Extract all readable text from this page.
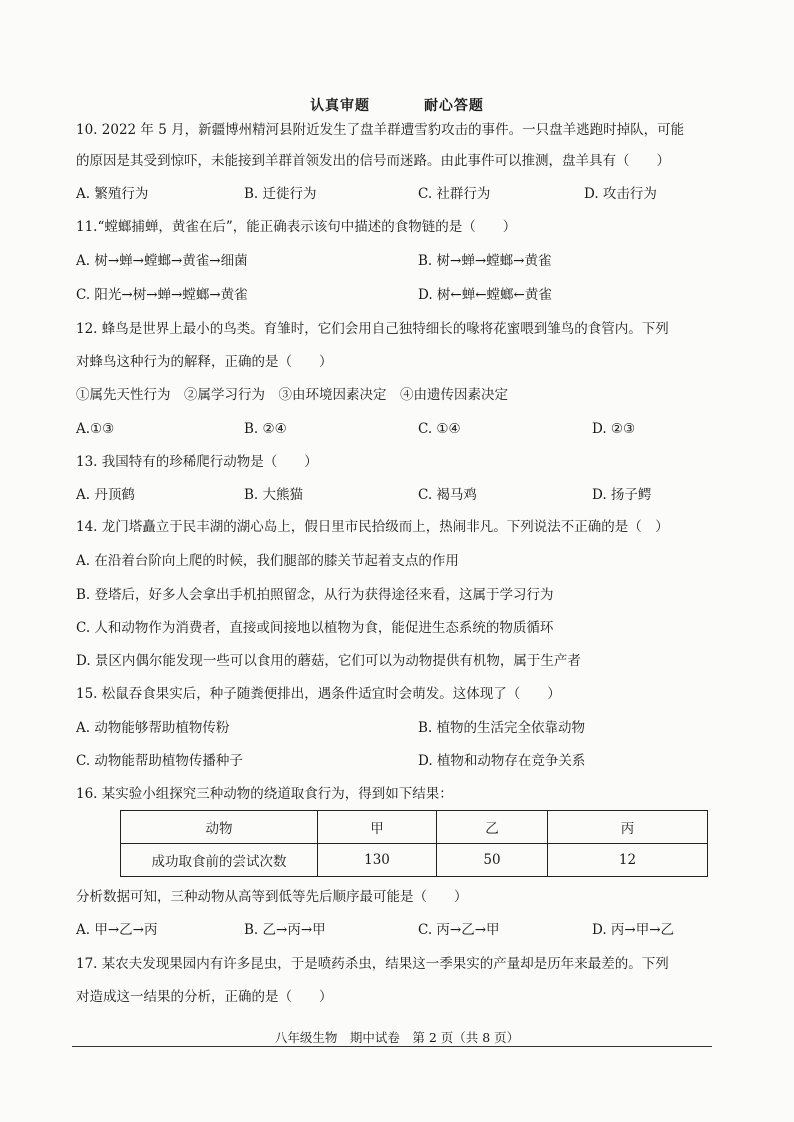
认真审题	耐心答题
10. 2022 年 5 月，新疆博州精河县附近发生了盘羊群遭雪豹攻击的事件。一只盘羊逃跑时掉队，可能
的原因是其受到惊吓，未能接到羊群首领发出的信号而迷路。由此事件可以推测，盘羊具有（　　）
A. 繁殖行为	B. 迁徙行为	C. 社群行为	D. 攻击行为
11.“螳螂捕蝉，黄雀在后”，能正确表示该句中描述的食物链的是（　　）
A. 树→蝉→螳螂→黄雀→细菌	B. 树→蝉→螳螂→黄雀
C. 阳光→树→蝉→螳螂→黄雀	D. 树←蝉←螳螂←黄雀
12. 蜂鸟是世界上最小的鸟类。育雏时，它们会用自己独特细长的喙将花蜜喂到雏鸟的食管内。下列
对蜂鸟这种行为的解释，正确的是（　　）
①属先天性行为　②属学习行为　③由环境因素决定　④由遗传因素决定
A.①③	B. ②④	C. ①④	D. ②③
13. 我国特有的珍稀爬行动物是（　　）
A. 丹顶鹤	B. 大熊猫	C. 褐马鸡	D. 扬子鳄
14. 龙门塔矗立于民丰湖的湖心岛上，假日里市民拾级而上，热闹非凡。下列说法不正确的是（　）
A. 在沿着台阶向上爬的时候，我们腿部的膝关节起着支点的作用
B. 登塔后，好多人会拿出手机拍照留念，从行为获得途径来看，这属于学习行为
C. 人和动物作为消费者，直接或间接地以植物为食，能促进生态系统的物质循环
D. 景区内偶尔能发现一些可以食用的蘑菇，它们可以为动物提供有机物，属于生产者
15. 松鼠吞食果实后，种子随粪便排出，遇条件适宜时会萌发。这体现了（　　）
A. 动物能够帮助植物传粉	B. 植物的生活完全依靠动物
C. 动物能帮助植物传播种子	D. 植物和动物存在竞争关系
16. 某实验小组探究三种动物的绕道取食行为，得到如下结果：
动物	甲	乙	丙
成功取食前的尝试次数	130	50	12
分析数据可知，三种动物从高等到低等先后顺序最可能是（　　）
A. 甲→乙→丙	B. 乙→丙→甲	C. 丙→乙→甲	D. 丙→甲→乙
17. 某农夫发现果园内有许多昆虫，于是喷药杀虫，结果这一季果实的产量却是历年来最差的。下列
对造成这一结果的分析，正确的是（　　）
八年级生物　期中试卷　第 2 页（共 8 页）
